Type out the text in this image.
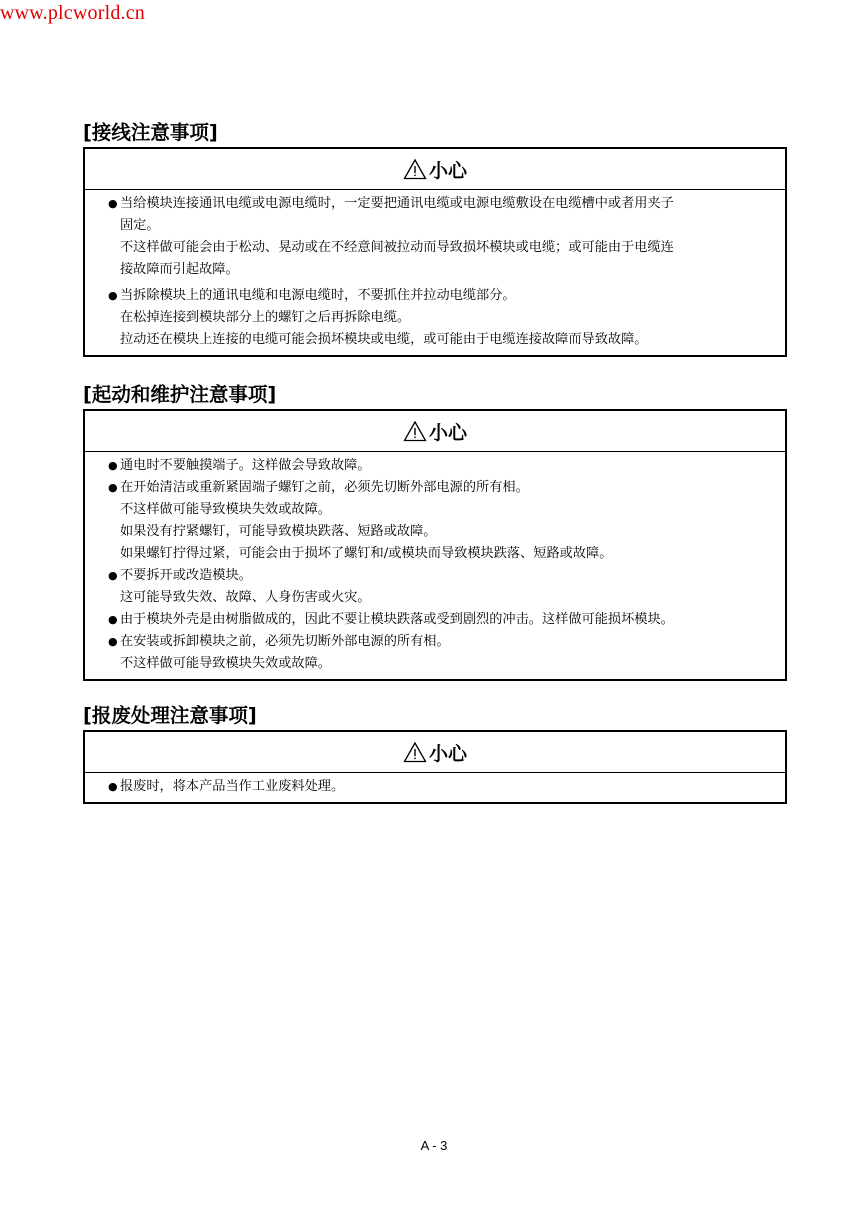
www.plcworld.cn
[接线注意事项]
小心
● 当给模块连接通讯电缆或电源电缆时，一定要把通讯电缆或电源电缆敷设在电缆槽中或者用夹子
固定。
不这样做可能会由于松动、晃动或在不经意间被拉动而导致损坏模块或电缆；或可能由于电缆连
接故障而引起故障。
● 当拆除模块上的通讯电缆和电源电缆时，不要抓住并拉动电缆部分。
在松掉连接到模块部分上的螺钉之后再拆除电缆。
拉动还在模块上连接的电缆可能会损坏模块或电缆，或可能由于电缆连接故障而导致故障。
[起动和维护注意事项]
小心
● 通电时不要触摸端子。这样做会导致故障。
● 在开始清洁或重新紧固端子螺钉之前，必须先切断外部电源的所有相。
不这样做可能导致模块失效或故障。
如果没有拧紧螺钉，可能导致模块跌落、短路或故障。
如果螺钉拧得过紧，可能会由于损坏了螺钉和/或模块而导致模块跌落、短路或故障。
● 不要拆开或改造模块。
这可能导致失效、故障、人身伤害或火灾。
● 由于模块外壳是由树脂做成的，因此不要让模块跌落或受到剧烈的冲击。这样做可能损坏模块。
● 在安装或拆卸模块之前，必须先切断外部电源的所有相。
不这样做可能导致模块失效或故障。
[报废处理注意事项]
小心
● 报废时，将本产品当作工业废料处理。
A - 3
